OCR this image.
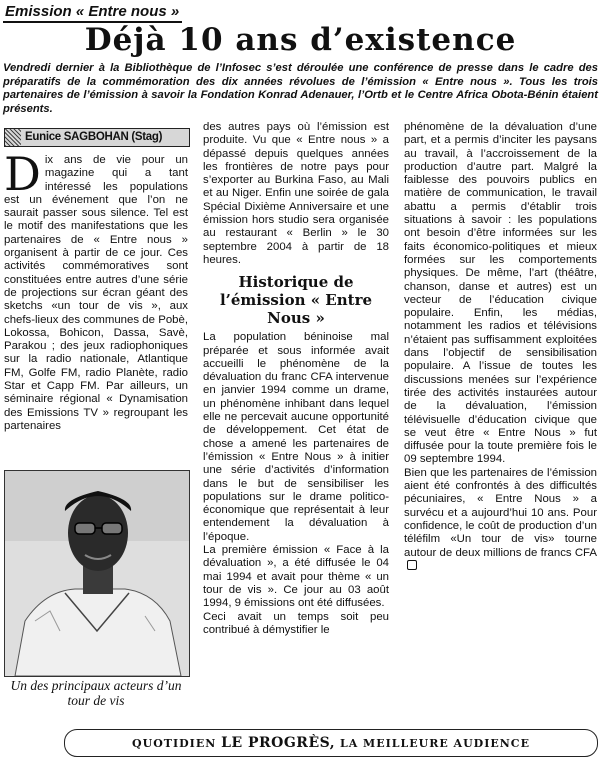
Emission « Entre nous »
Déjà 10 ans d’existence
Vendredi dernier à la Bibliothèque de l’Infosec s’est déroulée une conférence de presse dans le cadre des préparatifs de la commémoration des dix années révolues de l’émission « Entre nous ». Tous les trois partenaires de l’émission à savoir la Fondation Konrad Adenauer, l’Ortb et le Centre Africa Obota-Bénin étaient présents.
Eunice SAGBOHAN (Stag)

Dix ans de vie pour un magazine qui a tant intéressé les populations est un événement que l’on ne saurait passer sous silence. Tel est le motif des manifestations que les partenaires de « Entre nous » organisent à partir de ce jour. Ces activités commémoratives sont constituées entre autres d’une série de projections sur écran géant des sketchs «un tour de vis », aux chefs-lieux des communes de Pobè, Lokossa, Bohicon, Dassa, Savè, Parakou ; des jeux radiophoniques sur la radio nationale, Atlantique FM, Golfe FM, radio Planète, radio Star et Capp FM. Par ailleurs, un séminaire régional « Dynamisation des Emissions TV » regroupant les partenaires

Un des principaux acteurs d’un tour de vis

des autres pays où l’émission est produite. Vu que « Entre nous » a dépassé depuis quelques années les frontières de notre pays pour s’exporter au Burkina Faso, au Mali et au Niger. Enfin une soirée de gala Spécial Dixième Anniversaire et une émission hors studio sera organisée au restaurant « Berlin » le 30 septembre 2004 à partir de 18 heures.

Historique de l’émission « Entre Nous »

La population béninoise mal préparée et sous informée avait accueilli le phénomène de la dévaluation du franc CFA intervenue en janvier 1994 comme un drame, un phénomène inhibant dans lequel elle ne percevait aucune opportunité de développement. Cet état de chose a amené les partenaires de l’émission « Entre Nous » à initier une série d’activités d’information dans le but de sensibiliser les populations sur le drame politico-économique que représentait à leur entendement la dévaluation à l’époque.

La première émission « Face à la dévaluation », a été diffusée le 04 mai 1994 et avait pour thème « un tour de vis ». Ce jour au 03 août 1994, 9 émissions ont été diffusées.

Ceci avait un temps soit peu contribué à démystifier le

phénomène de la dévaluation d’une part, et a permis d’inciter les paysans au travail, à l’accroissement de la production d’autre part. Malgré la faiblesse des pouvoirs publics en matière de communication, le travail abattu a permis d’établir trois situations à savoir : les populations ont besoin d’être informées sur les faits économico-politiques et mieux formées sur les comportements physiques. De même, l’art (théâtre, chanson, danse et autres) est un vecteur de l’éducation civique populaire. Enfin, les médias, notamment les radios et télévisions n’étaient pas suffisamment exploitées dans l’objectif de sensibilisation populaire. A l’issue de toutes les discussions menées sur l’expérience tirée des activités instaurées autour de la dévaluation, l’émission télévisuelle d’éducation civique que se veut être « Entre Nous » fut diffusée pour la toute première fois le 09 septembre 1994.

Bien que les partenaires de l’émission aient été confrontés à des difficultés pécuniaires, « Entre Nous » a survécu et a aujourd’hui 10 ans. Pour confidence, le coût de production d’un téléfilm «Un tour de vis» tourne autour de deux millions de francs CFA

QUOTIDIEN LE PROGRÈS, LA MEILLEURE AUDIENCE
